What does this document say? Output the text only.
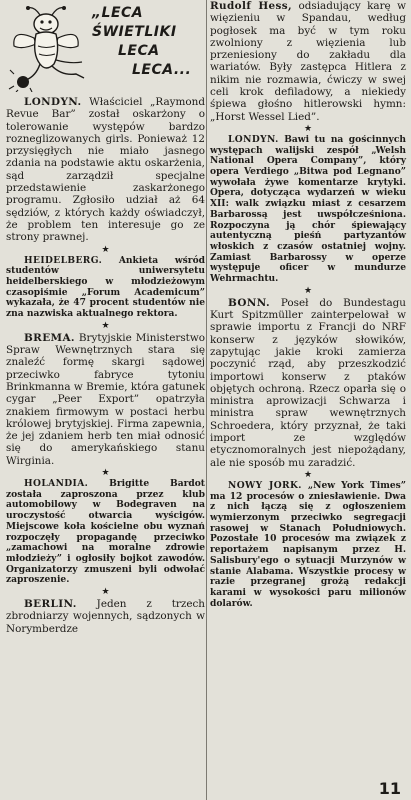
„LECA ŚWIETLIKI
LECA
LECA...

LONDYN. Właściciel „Raymond Revue Bar” został oskarżony o tolerowanie występów bardzo rozneglizowanych girls. Ponieważ 12 przysięgłych nie miało jasnego zdania na podstawie aktu oskarżenia, sąd zarządził specjalne przedstawienie zaskarżonego programu. Zgłosiło udział aż 64 sędziów, z których każdy oświadczył, że problem ten interesuje go ze strony prawnej.

★

HEIDELBERG. Ankieta wśród studentów uniwersytetu heidelberskiego w młodzieżowym czasopiśmie „Forum Academicum” wykazała, że 47 procent studentów nie zna nazwiska aktualnego rektora.

★

BREMA. Brytyjskie Ministerstwo Spraw Wewnętrznych stara się znaleźć formę skargi sądowej przeciwko fabryce tytoniu Brinkmanna w Bremie, która gatunek cygar „Peer Export” opatrzyła znakiem firmowym w postaci herbu królowej brytyjskiej. Firma zapewnia, że jej zdaniem herb ten miał odnosić się do amerykańskiego stanu Wirginia.

★

HOLANDIA. Brigitte Bardot została zaproszona przez klub automobilowy w Bodegraven na uroczystość otwarcia wyścigów. Miejscowe koła kościelne obu wyznań rozpoczęły propagandę przeciwko „zamachowi na moralne zdrowie młodzieży” i ogłosiły bojkot zawodów. Organizatorzy zmuszeni byli odwołać zaproszenie.

★

BERLIN. Jeden z trzech zbrodniarzy wojennych, sądzonych w Norymberdze

Rudolf Hess, odsiadujący karę w więzieniu w Spandau, według pogłosek ma być w tym roku zwolniony z więzienia lub przeniesiony do zakładu dla wariatów. Były zastępca Hitlera z nikim nie rozmawia, ćwiczy w swej celi krok defiladowy, a niekiedy śpiewa głośno hitlerowski hymn: „Horst Wessel Lied”.

★

LONDYN. Bawi tu na gościnnych występach walijski zespół „Welsh National Opera Company”, który opera Verdiego „Bitwa pod Legnano” wywołała żywe komentarze krytyki. Opera, dotycząca wydarzeń w wieku XII: walk związku miast z cesarzem Barbarossą jest uwspółcześniona. Rozpoczyna ją chór śpiewający autentyczną pieśń partyzantów włoskich z czasów ostatniej wojny. Zamiast Barbarossy w operze występuje oficer w mundurze Wehrmachtu.

★

BONN. Poseł do Bundestagu Kurt Spitzmüller zainterpelował w sprawie importu z Francji do NRF konserw z języków słowików, zapytując jakie kroki zamierza poczynić rząd, aby przeszkodzić importowi konserw z ptaków objętych ochroną. Rzecz oparła się o ministra aprowizacji Schwarza i ministra spraw wewnętrznych Schroedera, który przyznał, że taki import ze względów etycznomoralnych jest niepożądany, ale nie sposób mu zaradzić.

★

NOWY JORK. „New York Times” ma 12 procesów o zniesławienie. Dwa z nich łączą się z ogłoszeniem wymierzonym przeciwko segregacji rasowej w Stanach Południowych. Pozostałe 10 procesów ma związek z reportażem napisanym przez H. Salisbury'ego o sytuacji Murzynów w stanie Alabama. Wszystkie procesy w razie przegranej grożą redakcji karami w wysokości paru milionów dolarów.

11
